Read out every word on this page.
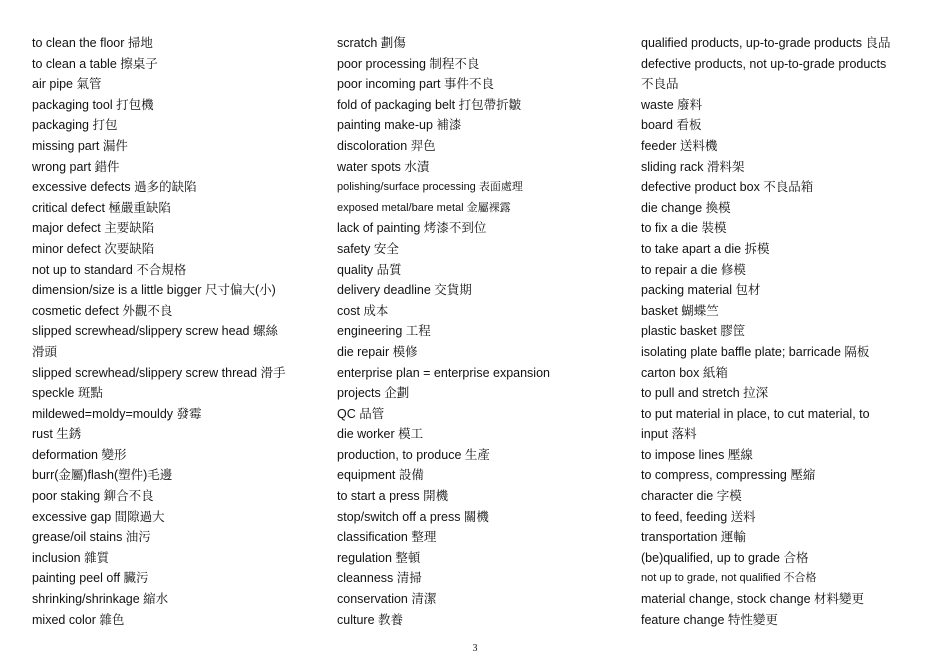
to clean the floor 掃地
to clean a table 擦桌子
air pipe 氣管
packaging tool 打包機
packaging 打包
missing part 漏件
wrong part 錯件
excessive defects 過多的缺陷
critical defect 極嚴重缺陷
major defect 主要缺陷
minor defect 次要缺陷
not up to standard 不合規格
dimension/size is a little bigger 尺寸偏大(小)
cosmetic defect 外觀不良
slipped screwhead/slippery screw head 螺絲
滑頭
slipped screwhead/slippery screw thread 滑手
speckle 斑點
mildewed=moldy=mouldy 發霉
rust 生銹
deformation 變形
burr(金屬)flash(塑件)毛邊
poor staking 鉚合不良
excessive gap 間隙過大
grease/oil stains 油污
inclusion 雜質
painting peel off 臟污
shrinking/shrinkage 縮水
mixed color 雜色
scratch 劃傷
poor processing 制程不良
poor incoming part 事件不良
fold of packaging belt 打包帶折皺
painting make-up 補漆
discoloration 羿色
water spots 水漬
polishing/surface processing 表面處理
exposed metal/bare metal 金屬裸露
lack of painting 烤漆不到位
safety 安全
quality 品質
delivery deadline 交貨期
cost 成本
engineering 工程
die repair 模修
enterprise plan = enterprise expansion
projects 企劃
QC 品管
die worker 模工
production, to produce 生產
equipment 設備
to start a press 開機
stop/switch off a press 關機
classification 整理
regulation 整頓
cleanness 清掃
conservation 清潔
culture 教養
qualified products, up-to-grade products 良品
defective products, not up-to-grade products
不良品
waste 廢料
board 看板
feeder 送料機
sliding rack 滑料架
defective product box 不良品箱
die change 換模
to fix a die 裝模
to take apart a die 拆模
to repair a die 修模
packing material 包材
basket 蝴蝶竺
plastic basket 膠筐
isolating plate baffle plate; barricade 隔板
carton box 紙箱
to pull and stretch 拉深
to put material in place, to cut material, to
input 落料
to impose lines 壓線
to compress, compressing 壓縮
character die 字模
to feed, feeding 送料
transportation 運輸
(be)qualified, up to grade 合格
not up to grade, not qualified 不合格
material change, stock change 材料變更
feature change 特性變更
3
